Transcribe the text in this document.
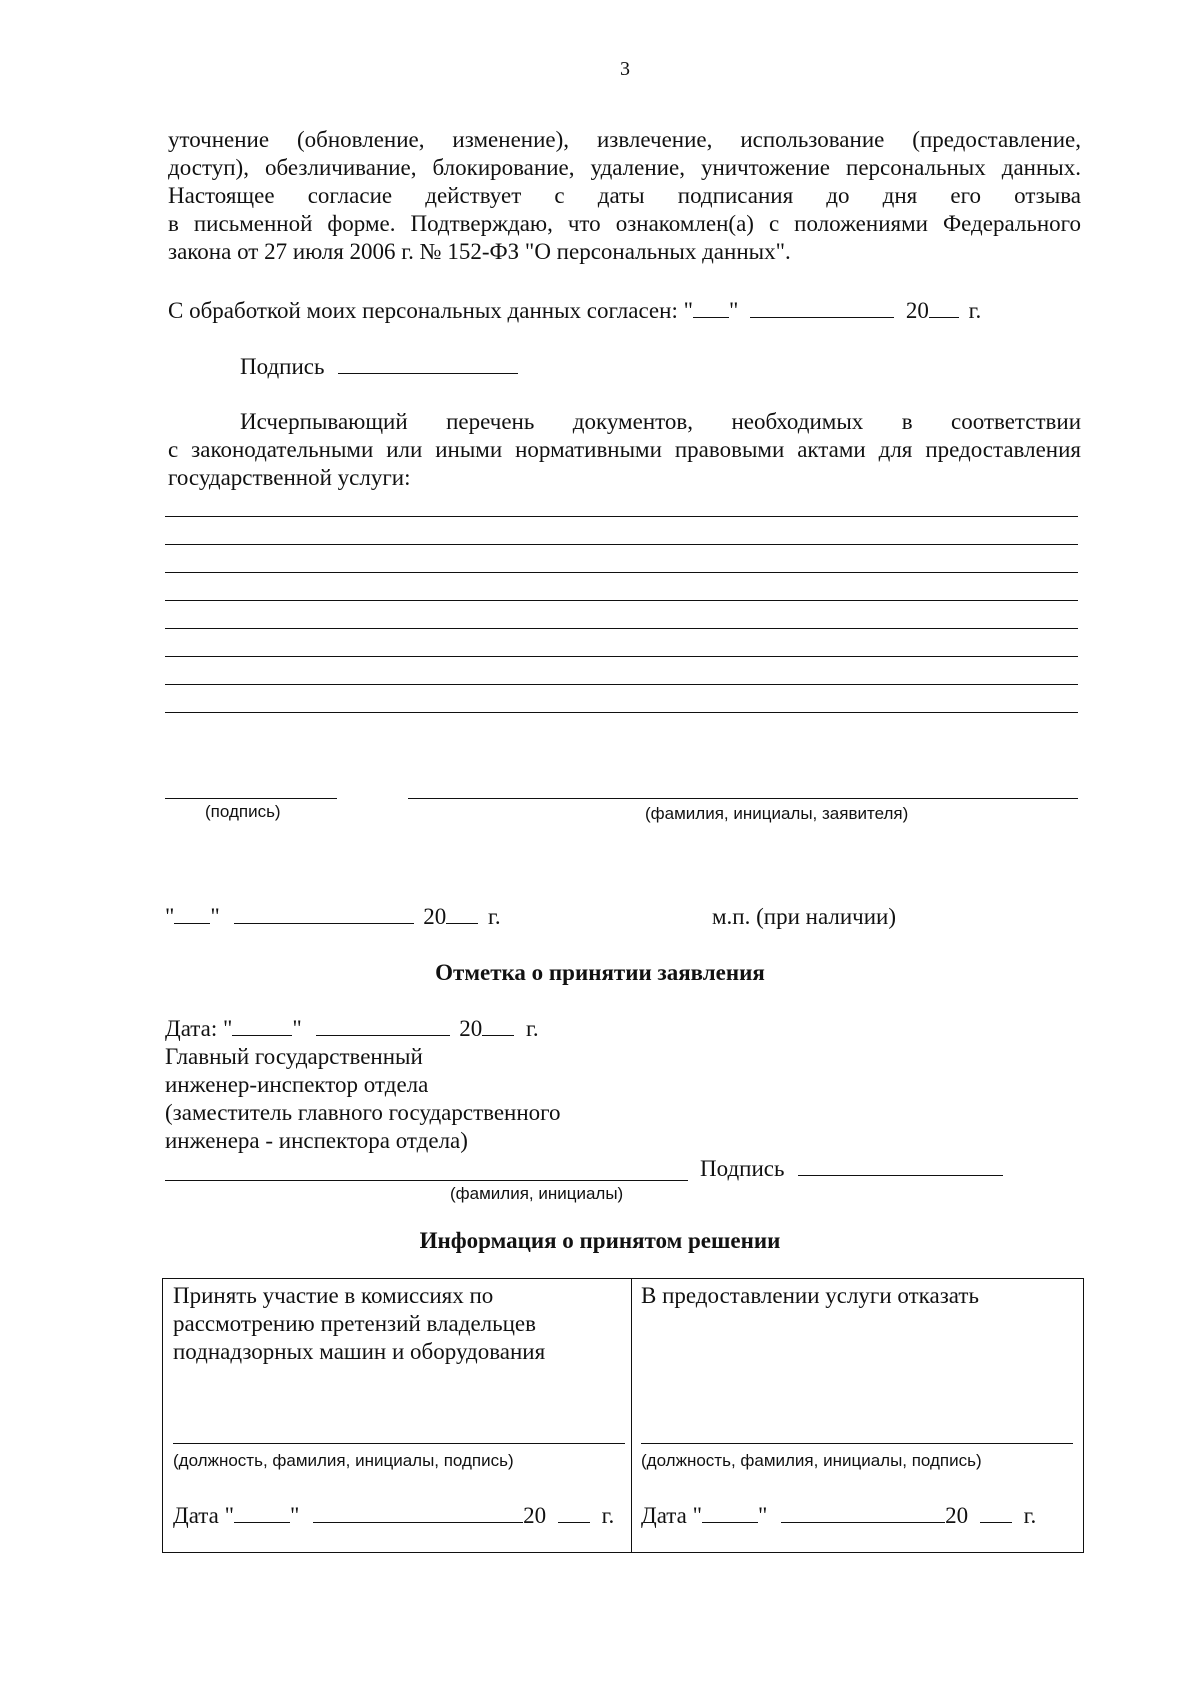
3
уточнение (обновление, изменение), извлечение, использование (предоставление,
доступ), обезличивание, блокирование, удаление, уничтожение персональных данных.
Настоящее согласие действует с даты подписания до дня его отзыва
в письменной форме. Подтверждаю, что ознакомлен(а) с положениями Федерального
закона от 27 июля 2006 г. № 152-ФЗ "О персональных данных".
С обработкой моих персональных данных согласен: " "	20 г.
Подпись
Исчерпывающий перечень документов, необходимых в соответствии
с законодательными или иными нормативными правовыми актами для предоставления
государственной услуги:
(подпись)	(фамилия, инициалы, заявителя)
" "	20 г.	м.п. (при наличии)
Отметка о принятии заявления
Дата: "	"	20 г.
Главный государственный
инженер-инспектор отдела
(заместитель главного государственного
инженера - инспектора отдела)
Подпись
(фамилия, инициалы)
Информация о принятом решении
Принять участие в комиссиях по
рассмотрению претензий владельцев
поднадзорных машин и оборудования
(должность, фамилия, инициалы, подпись)
Дата " "	20 г.
В предоставлении услуги отказать
(должность, фамилия, инициалы, подпись)
Дата " "	20 г.
